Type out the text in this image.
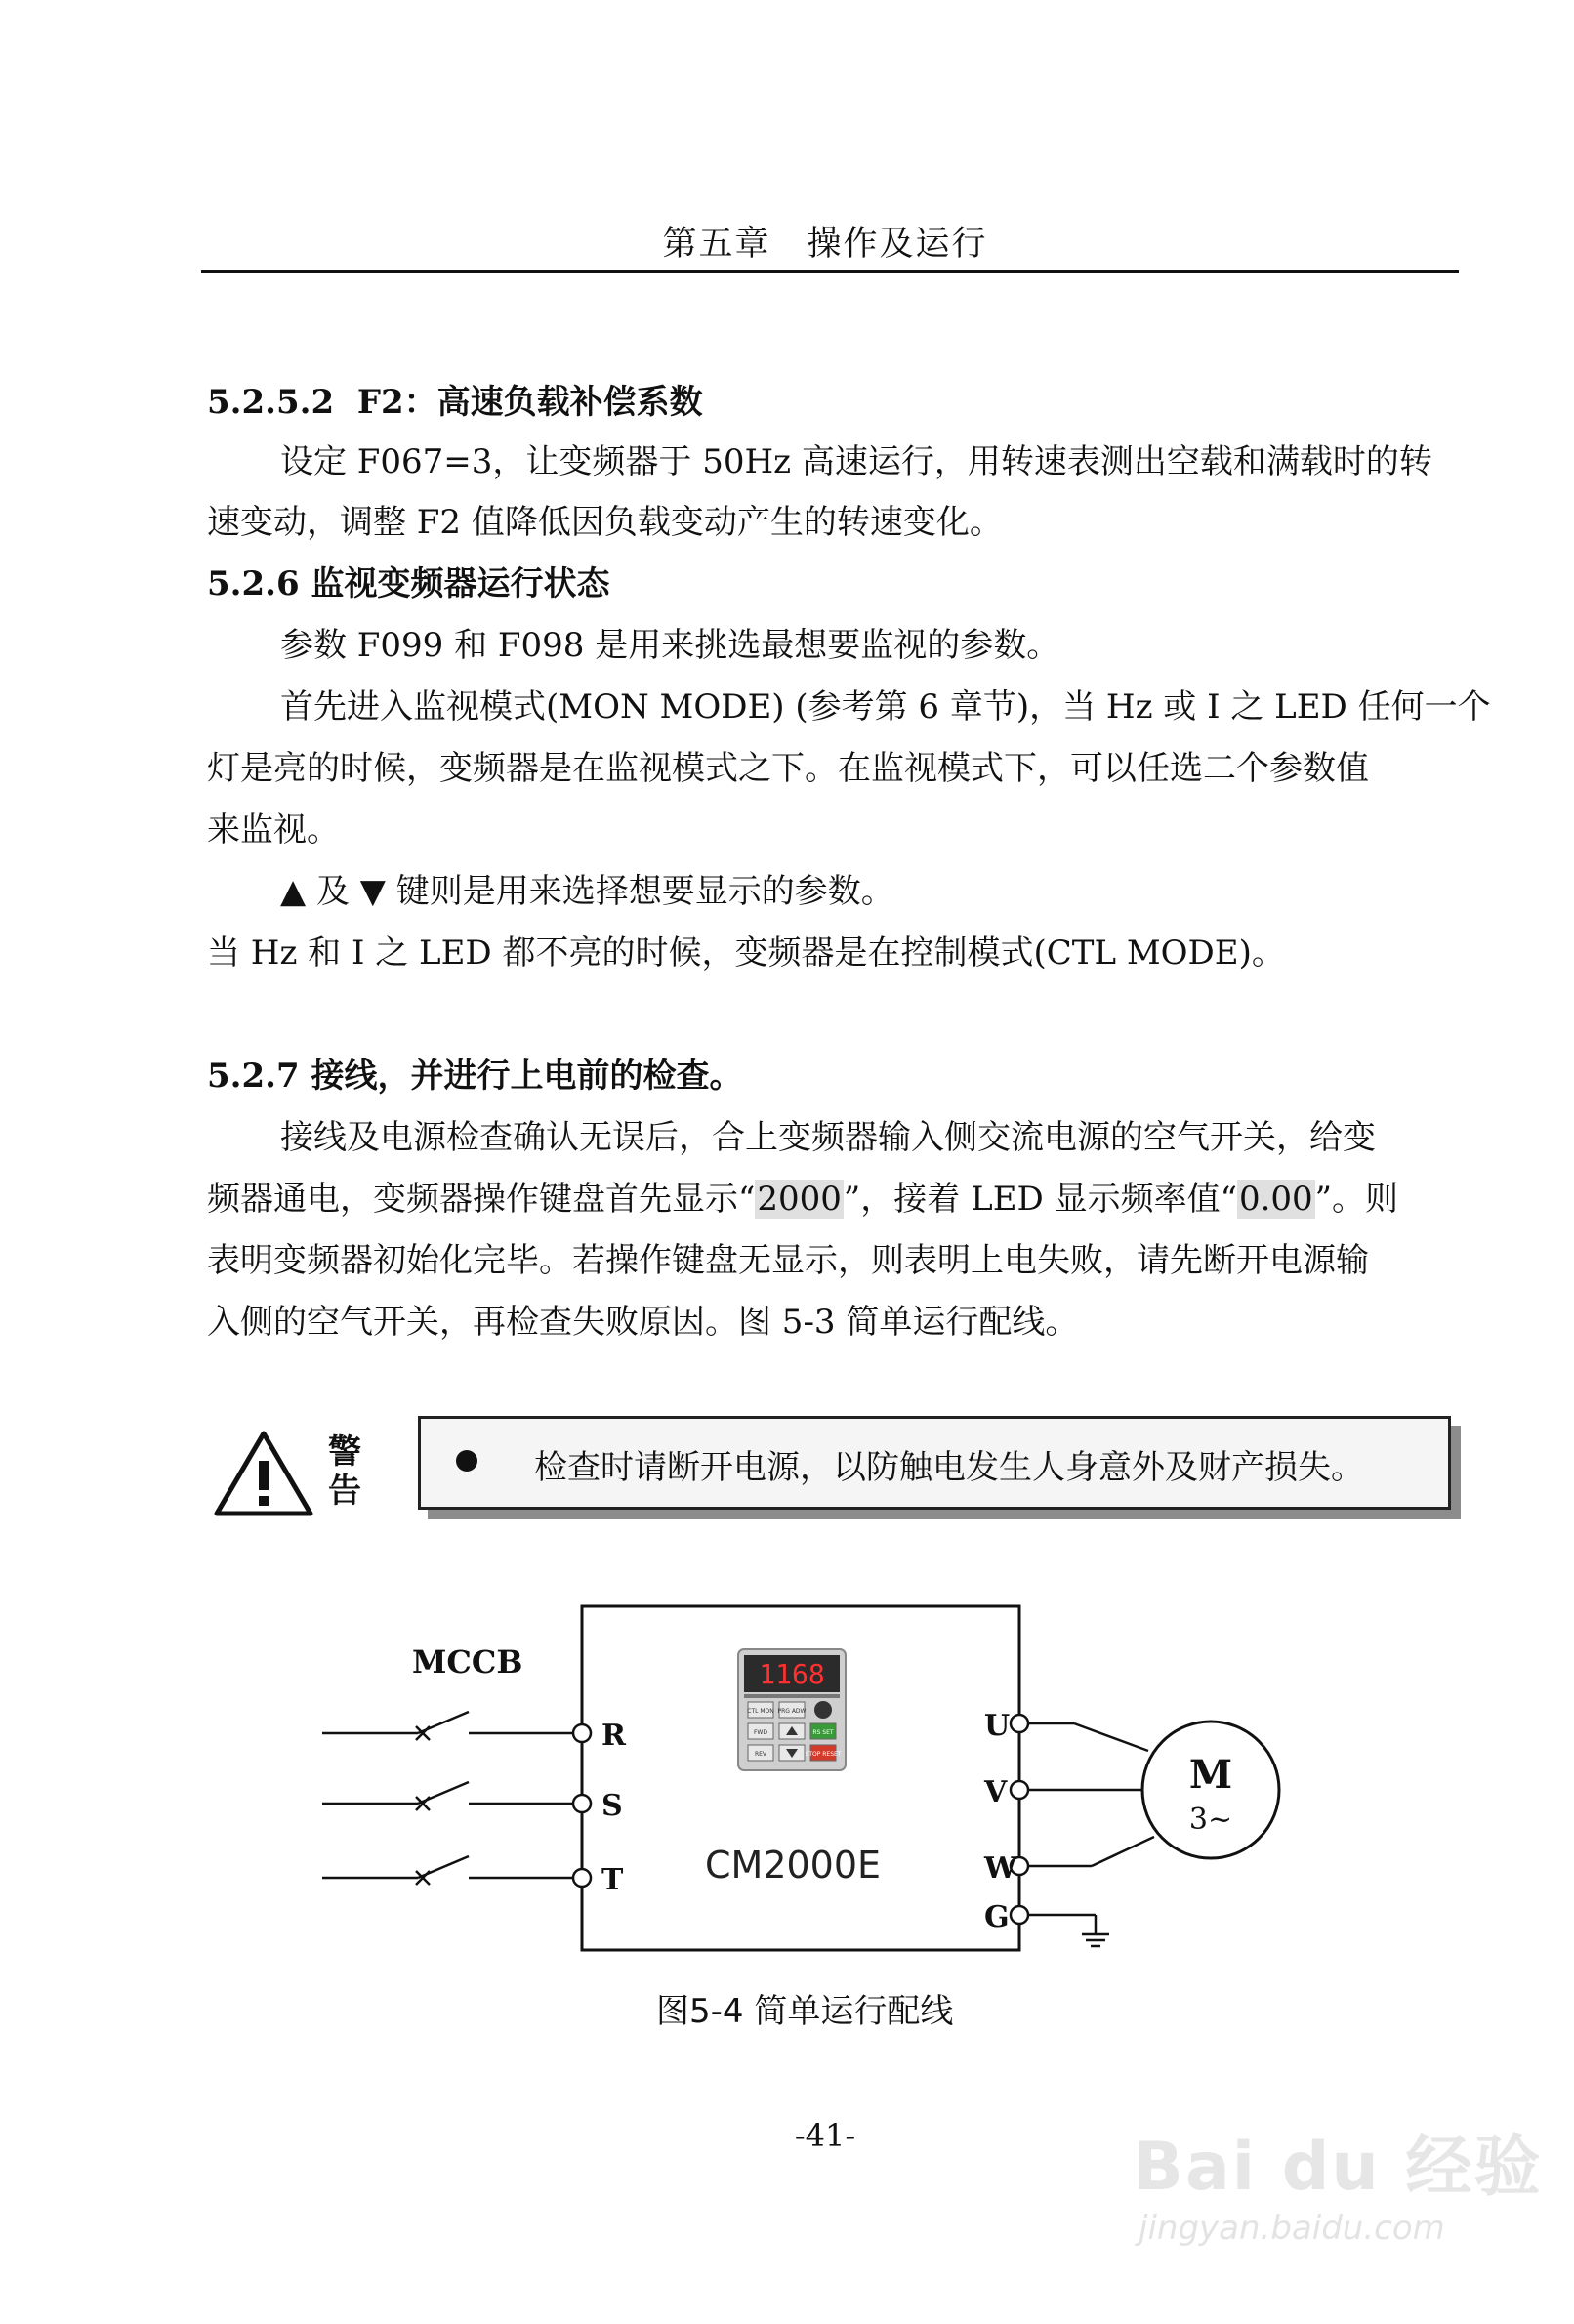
第五章　操作及运行
5.2.5.2 F2：高速负载补偿系数
设定 F067=3，让变频器于 50Hz 高速运行，用转速表测出空载和满载时的转
速变动，调整 F2 值降低因负载变动产生的转速变化。
5.2.6 监视变频器运行状态
参数 F099 和 F098 是用来挑选最想要监视的参数。
首先进入监视模式(MON MODE) (参考第 6 章节)，当 Hz 或 I 之 LED 任何一个
灯是亮的时候，变频器是在监视模式之下。在监视模式下，可以任选二个参数值
来监视。
▲ 及 ▼ 键则是用来选择想要显示的参数。
当 Hz 和 I 之 LED 都不亮的时候，变频器是在控制模式(CTL MODE)。
5.2.7 接线，并进行上电前的检查。
接线及电源检查确认无误后，合上变频器输入侧交流电源的空气开关，给变
频器通电，变频器操作键盘首先显示“2000”，接着 LED 显示频率值“0.00”。则
表明变频器初始化完毕。若操作键盘无显示，则表明上电失败，请先断开电源输
入侧的空气开关，再检查失败原因。图 5-3 简单运行配线。
警
告
检查时请断开电源，以防触电发生人身意外及财产损失。
MCCB
R
S
T
1168
CTL MON PRG ADW
FWD	RS SET
REV	STOP RESET
CM2000E
U
V
W
G
M
3~
图5-4 简单运行配线
-41-	Bai du 经验
jingyan.baidu.com
